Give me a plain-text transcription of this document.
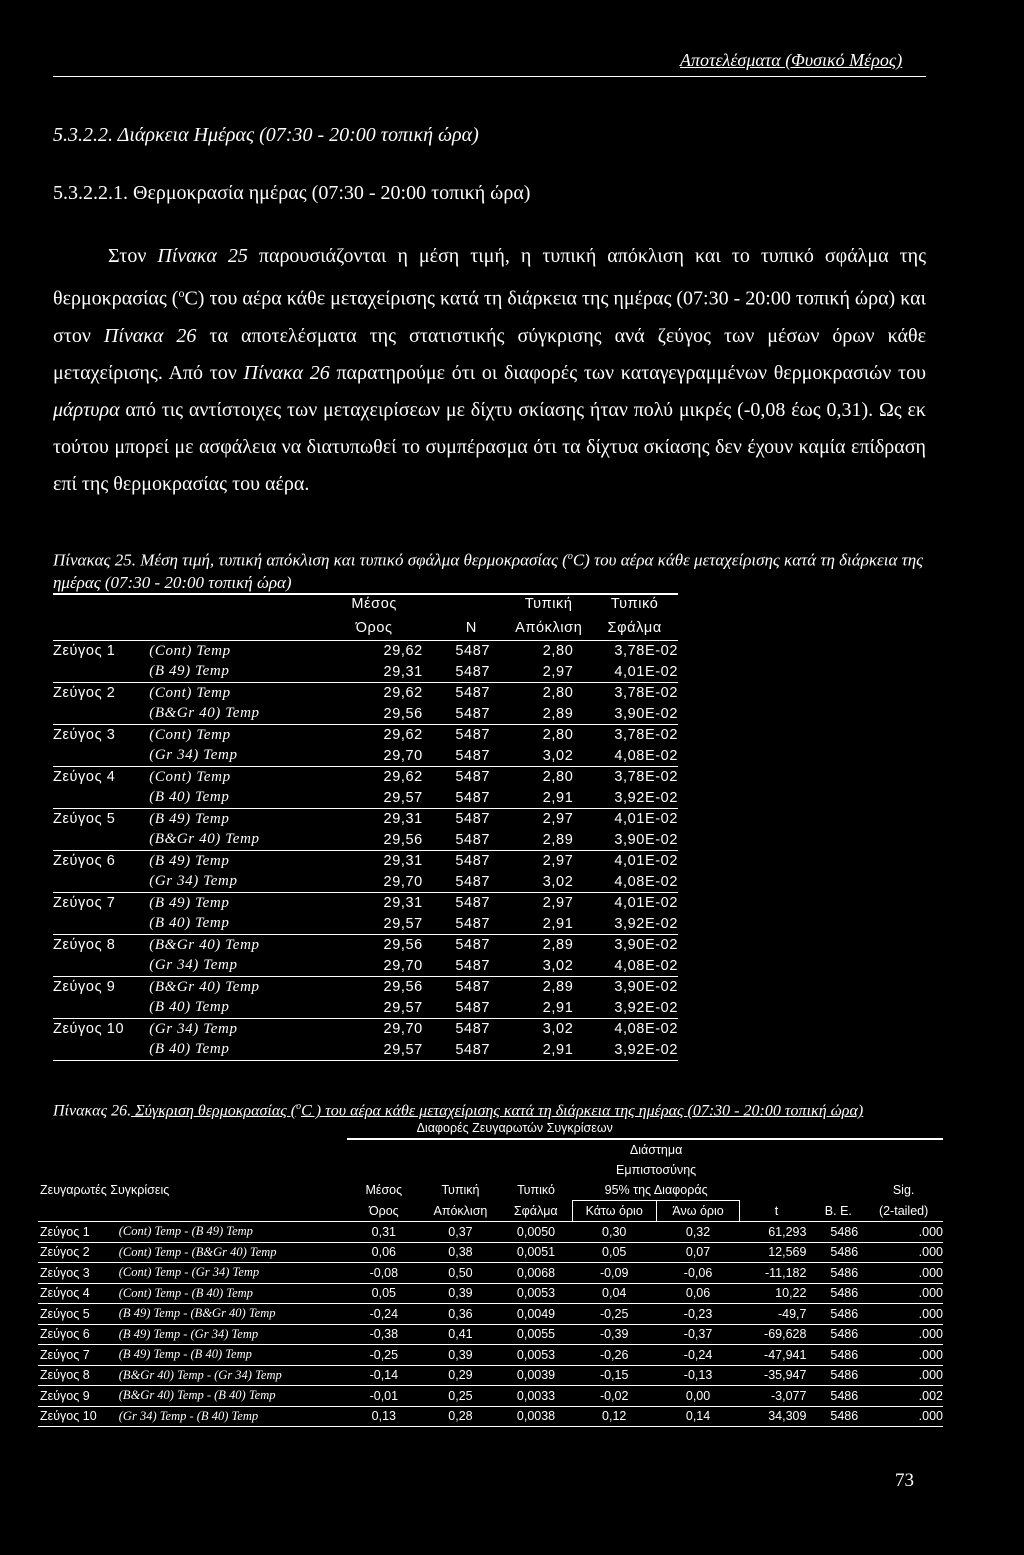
Αποτελέσματα (Φυσικό Μέρος)
5.3.2.2. Διάρκεια Ημέρας (07:30 - 20:00 τοπική ώρα)
5.3.2.2.1. Θερμοκρασία ημέρας (07:30 - 20:00 τοπική ώρα)
Στον Πίνακα 25 παρουσιάζονται η μέση τιμή, η τυπική απόκλιση και το τυπικό σφάλμα της θερμοκρασίας ($^o$C) του αέρα κάθε μεταχείρισης κατά τη διάρκεια της ημέρας (07:30 - 20:00 τοπική ώρα) και στον Πίνακα 26 τα αποτελέσματα της στατιστικής σύγκρισης ανά ζεύγος των μέσων όρων κάθε μεταχείρισης. Από τον Πίνακα 26 παρατηρούμε ότι οι διαφορές των καταγεγραμμένων θερμοκρασιών του μάρτυρα από τις αντίστοιχες των μεταχειρίσεων με δίχτυ σκίασης ήταν πολύ μικρές (-0,08 έως 0,31). Ως εκ τούτου μπορεί με ασφάλεια να διατυπωθεί το συμπέρασμα ότι τα δίχτυα σκίασης δεν έχουν καμία επίδραση επί της θερμοκρασίας του αέρα.
Πίνακας 25. Μέση τιμή, τυπική απόκλιση και τυπικό σφάλμα θερμοκρασίας ($^o$C) του αέρα κάθε μεταχείρισης κατά τη διάρκεια της ημέρας (07:30 - 20:00 τοπική ώρα)
		Μέσος		Τυπική	Τυπικό
		Όρος	N	Απόκλιση	Σφάλμα
Ζεύγος 1	(Cont) Temp	29,62	5487	2,80	3,78E-02
	(B 49) Temp	29,31	5487	2,97	4,01E-02
Ζεύγος 2	(Cont) Temp	29,62	5487	2,80	3,78E-02
	(B&Gr 40) Temp	29,56	5487	2,89	3,90E-02
Ζεύγος 3	(Cont) Temp	29,62	5487	2,80	3,78E-02
	(Gr 34) Temp	29,70	5487	3,02	4,08E-02
Ζεύγος 4	(Cont) Temp	29,62	5487	2,80	3,78E-02
	(B 40) Temp	29,57	5487	2,91	3,92E-02
Ζεύγος 5	(B 49) Temp	29,31	5487	2,97	4,01E-02
	(B&Gr 40) Temp	29,56	5487	2,89	3,90E-02
Ζεύγος 6	(B 49) Temp	29,31	5487	2,97	4,01E-02
	(Gr 34) Temp	29,70	5487	3,02	4,08E-02
Ζεύγος 7	(B 49) Temp	29,31	5487	2,97	4,01E-02
	(B 40) Temp	29,57	5487	2,91	3,92E-02
Ζεύγος 8	(B&Gr 40) Temp	29,56	5487	2,89	3,90E-02
	(Gr 34) Temp	29,70	5487	3,02	4,08E-02
Ζεύγος 9	(B&Gr 40) Temp	29,56	5487	2,89	3,90E-02
	(B 40) Temp	29,57	5487	2,91	3,92E-02
Ζεύγος 10	(Gr 34) Temp	29,70	5487	3,02	4,08E-02
	(B 40) Temp	29,57	5487	2,91	3,92E-02
Πίνακας 26. Σύγκριση θερμοκρασίας ($^o$C ) του αέρα κάθε μεταχείρισης κατά τη διάρκεια της ημέρας (07:30 - 20:00 τοπική ώρα)
		Διαφορές Ζευγαρωτών Συγκρίσεων							
					Διάστημα				
					Εμπιστοσύνης				
Ζευγαρωτές Συγκρίσεις		Μέσος	Τυπική	Τυπικό	95% της Διαφοράς				Sig.
		Όρος	Απόκλιση	Σφάλμα	Κάτω όριο	Άνω όριο	t	Β. Ε.	(2-tailed)
Ζεύγος 1	(Cont) Temp - (B 49) Temp	0,31	0,37	0,0050	0,30	0,32	61,293	5486	.000
Ζεύγος 2	(Cont) Temp - (B&Gr 40) Temp	0,06	0,38	0,0051	0,05	0,07	12,569	5486	.000
Ζεύγος 3	(Cont) Temp - (Gr 34) Temp	-0,08	0,50	0,0068	-0,09	-0,06	-11,182	5486	.000
Ζεύγος 4	(Cont) Temp - (B 40) Temp	0,05	0,39	0,0053	0,04	0,06	10,22	5486	.000
Ζεύγος 5	(B 49) Temp - (B&Gr 40) Temp	-0,24	0,36	0,0049	-0,25	-0,23	-49,7	5486	.000
Ζεύγος 6	(B 49) Temp - (Gr 34) Temp	-0,38	0,41	0,0055	-0,39	-0,37	-69,628	5486	.000
Ζεύγος 7	(B 49) Temp - (B 40) Temp	-0,25	0,39	0,0053	-0,26	-0,24	-47,941	5486	.000
Ζεύγος 8	(B&Gr 40) Temp - (Gr 34) Temp	-0,14	0,29	0,0039	-0,15	-0,13	-35,947	5486	.000
Ζεύγος 9	(B&Gr 40) Temp - (B 40) Temp	-0,01	0,25	0,0033	-0,02	0,00	-3,077	5486	.002
Ζεύγος 10	(Gr 34) Temp - (B 40) Temp	0,13	0,28	0,0038	0,12	0,14	34,309	5486	.000
73
